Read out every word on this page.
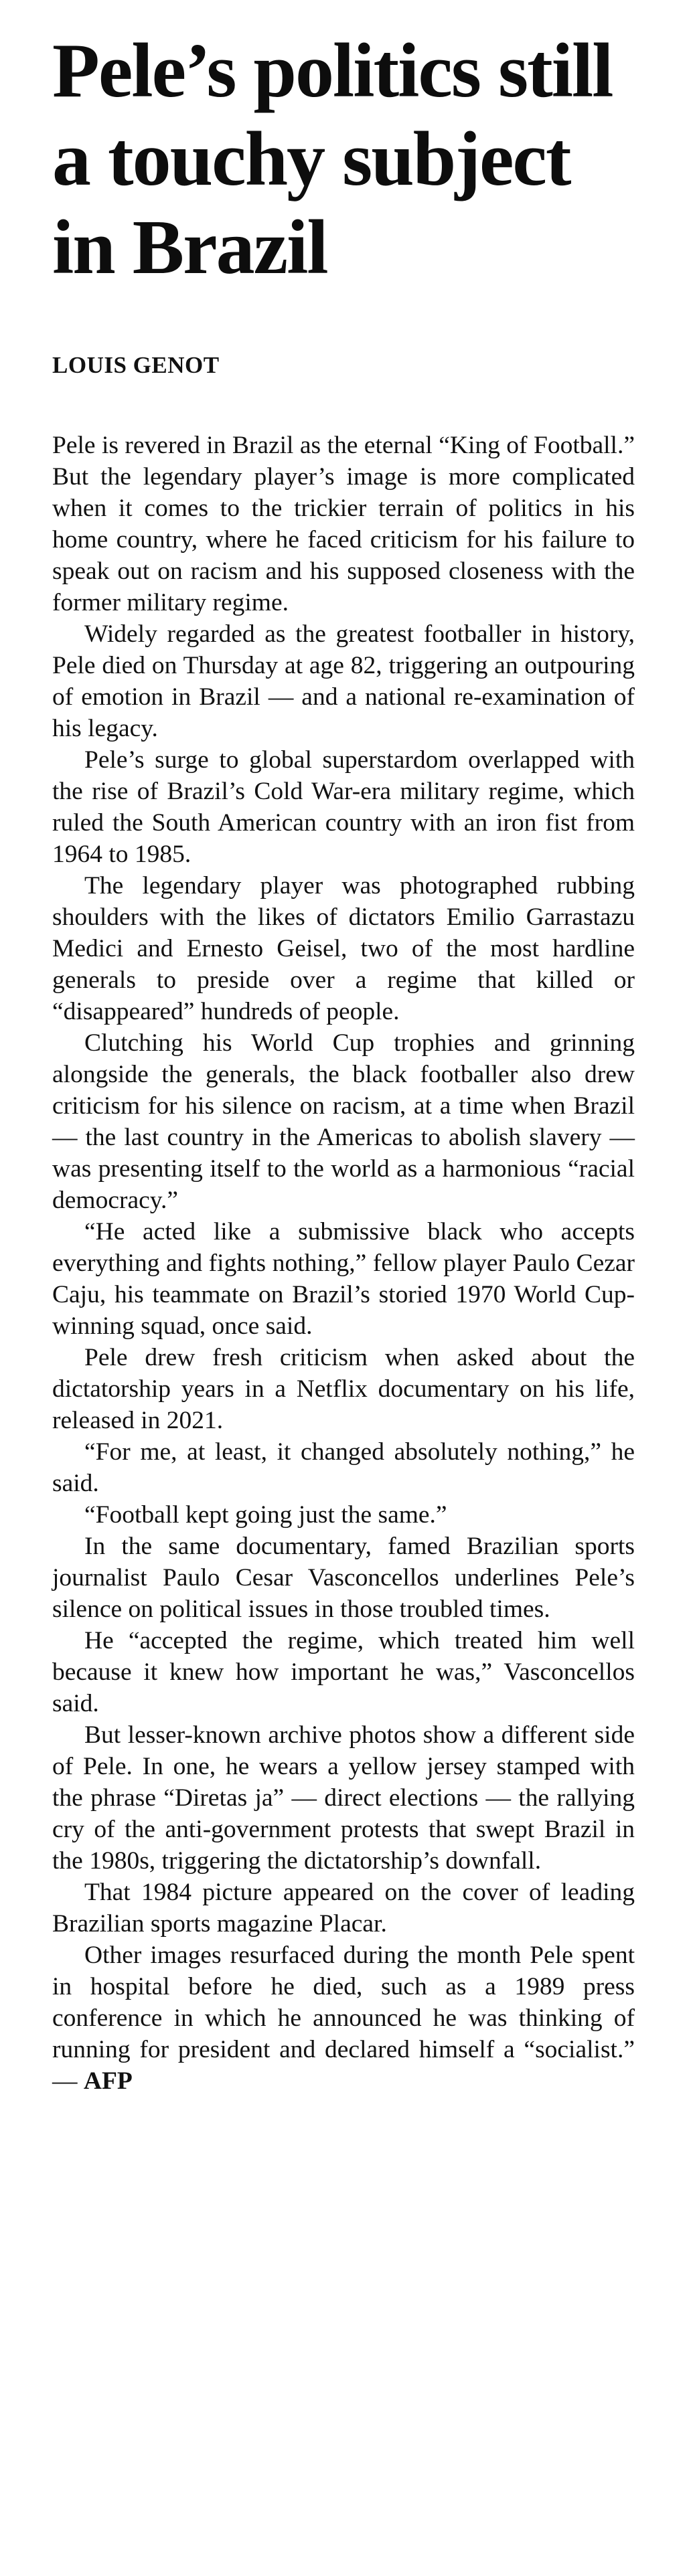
Pele’s politics still
a touchy subject
in Brazil
LOUIS GENOT

Pele is revered in Brazil as the eternal “King of Football.” But the legendary player’s image is more complicated when it comes to the trickier terrain of politics in his home country, where he faced criticism for his failure to speak out on racism and his supposed closeness with the former military regime.

Widely regarded as the greatest footballer in history, Pele died on Thursday at age 82, triggering an outpouring of emotion in Brazil — and a national re-examination of his legacy.

Pele’s surge to global superstardom overlapped with the rise of Brazil’s Cold War-era military regime, which ruled the South American country with an iron fist from 1964 to 1985.

The legendary player was photographed rubbing shoulders with the likes of dictators Emilio Garrastazu Medici and Ernesto Geisel, two of the most hardline generals to preside over a regime that killed or “disappeared” hundreds of people.

Clutching his World Cup trophies and grinning alongside the generals, the black footballer also drew criticism for his silence on racism, at a time when Brazil — the last country in the Americas to abolish slavery — was presenting itself to the world as a harmonious “racial democracy.”

“He acted like a submissive black who accepts everything and fights nothing,” fellow player Paulo Cezar Caju, his teammate on Brazil’s storied 1970 World Cup-winning squad, once said.

Pele drew fresh criticism when asked about the dictatorship years in a Netflix documentary on his life, released in 2021.

“For me, at least, it changed absolutely nothing,” he said.

“Football kept going just the same.”

In the same documentary, famed Brazilian sports journalist Paulo Cesar Vasconcellos underlines Pele’s silence on political issues in those troubled times.

He “accepted the regime, which treated him well because it knew how important he was,” Vasconcellos said.

But lesser-known archive photos show a different side of Pele. In one, he wears a yellow jersey stamped with the phrase “Diretas ja” — direct elections — the rallying cry of the anti-government protests that swept Brazil in the 1980s, triggering the dictatorship’s downfall.

That 1984 picture appeared on the cover of leading Brazilian sports magazine Placar.

Other images resurfaced during the month Pele spent in hospital before he died, such as a 1989 press conference in which he announced he was thinking of running for president and declared himself a “socialist.” — AFP
